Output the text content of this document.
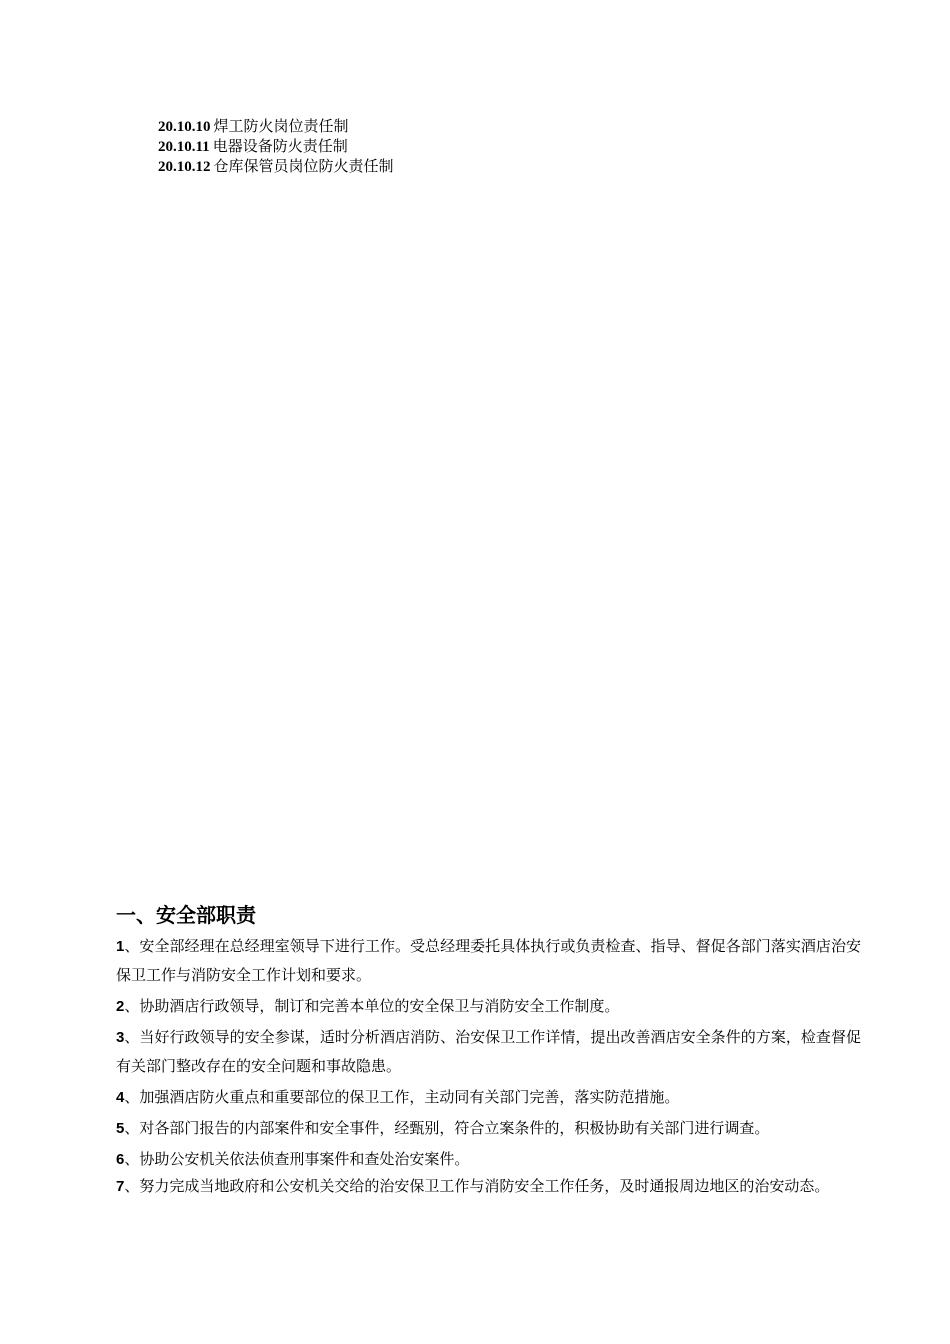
20.10.10 焊工防火岗位责任制
20.10.11 电器设备防火责任制
20.10.12 仓库保管员岗位防火责任制
一、安全部职责

1、安全部经理在总经理室领导下进行工作。受总经理委托具体执行或负责检查、指导、督促各部门落实酒店治安保卫工作与消防安全工作计划和要求。

2、协助酒店行政领导，制订和完善本单位的安全保卫与消防安全工作制度。

3、当好行政领导的安全参谋，适时分析酒店消防、治安保卫工作详情，提出改善酒店安全条件的方案，检查督促有关部门整改存在的安全问题和事故隐患。

4、加强酒店防火重点和重要部位的保卫工作，主动同有关部门完善，落实防范措施。

5、对各部门报告的内部案件和安全事件，经甄别，符合立案条件的，积极协助有关部门进行调查。

6、协助公安机关依法侦查刑事案件和查处治安案件。

7、努力完成当地政府和公安机关交给的治安保卫工作与消防安全工作任务，及时通报周边地区的治安动态。
